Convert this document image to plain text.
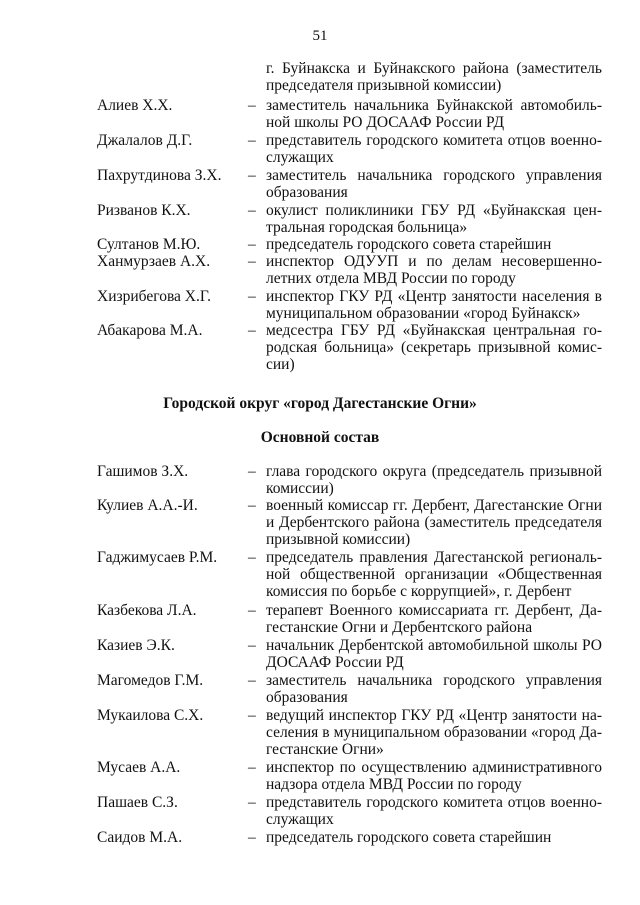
51
г. Буйнакска и Буйнакского района (заместитель председателя призывной комиссии)
Алиев Х.Х.	– заместитель начальника Буйнакской автомобильной школы РО ДОСААФ России РД
Джалалов Д.Г.	– представитель городского комитета отцов военнослужащих
Пахрутдинова З.Х. – заместитель начальника городского управления образования
Ризванов К.Х.	– окулист поликлиники ГБУ РД «Буйнакская центральная городская больница»
Султанов М.Ю.	– председатель городского совета старейшин
Ханмурзаев А.Х. – инспектор ОДУУП и по делам несовершеннолетних отдела МВД России по городу
Хизрибегова Х.Г. – инспектор ГКУ РД «Центр занятости населения в муниципальном образовании «город Буйнакск»
Абакарова М.А.	– медсестра ГБУ РД «Буйнакская центральная городская больница» (секретарь призывной комиссии)
Городской округ «город Дагестанские Огни»
Основной состав
Гашимов З.Х.	– глава городского округа (председатель призывной комиссии)
Кулиев А.А.-И.	– военный комиссар гг. Дербент, Дагестанские Огни и Дербентского района (заместитель председателя призывной комиссии)
Гаджимусаев Р.М. – председатель правления Дагестанской региональной общественной организации «Общественная комиссия по борьбе с коррупцией», г. Дербент
Казбекова Л.А.	– терапевт Военного комиссариата гг. Дербент, Дагестанские Огни и Дербентского района
Казиев Э.К.	– начальник Дербентской автомобильной школы РО ДОСААФ России РД
Магомедов Г.М.	– заместитель начальника городского управления образования
Мукаилова С.Х.	– ведущий инспектор ГКУ РД «Центр занятости населения в муниципальном образовании «город Дагестанские Огни»
Мусаев А.А.	– инспектор по осуществлению административного надзора отдела МВД России по городу
Пашаев С.З.	– представитель городского комитета отцов военнослужащих
Саидов М.А.	– председатель городского совета старейшин
